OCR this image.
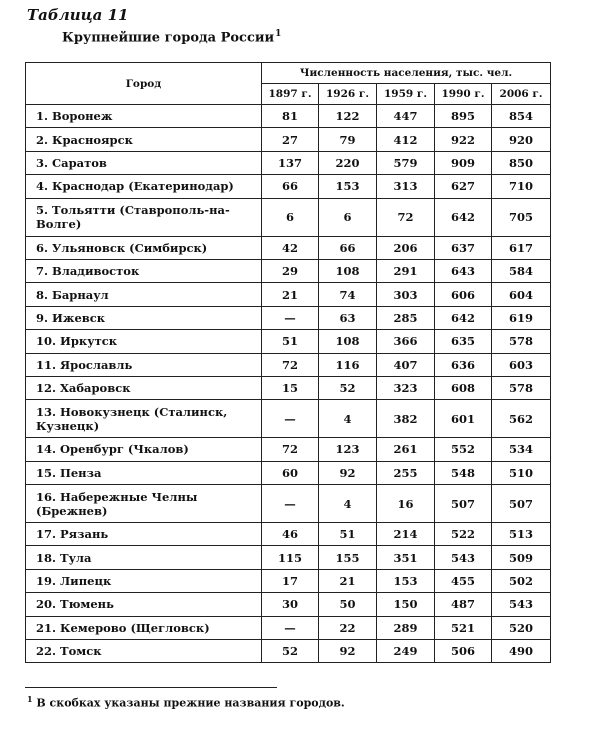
Таблица 11
Крупнейшие города России$^1$
Город	Численность населения, тыс. чел.				
	1897 г.	1926 г.	1959 г.	1990 г.	2006 г.
1. Воронеж	81	122	447	895	854
2. Красноярск	27	79	412	922	920
3. Саратов	137	220	579	909	850
4. Краснодар (Екатеринодар)	66	153	313	627	710
5. Тольятти (Ставрополь-на-Волге)	6	6	72	642	705
6. Ульяновск (Симбирск)	42	66	206	637	617
7. Владивосток	29	108	291	643	584
8. Барнаул	21	74	303	606	604
9. Ижевск	—	63	285	642	619
10. Иркутск	51	108	366	635	578
11. Ярославль	72	116	407	636	603
12. Хабаровск	15	52	323	608	578
13. Новокузнецк (Сталинск, Кузнецк)	—	4	382	601	562
14. Оренбург (Чкалов)	72	123	261	552	534
15. Пенза	60	92	255	548	510
16. Набережные Челны (Брежнев)	—	4	16	507	507
17. Рязань	46	51	214	522	513
18. Тула	115	155	351	543	509
19. Липецк	17	21	153	455	502
20. Тюмень	30	50	150	487	543
21. Кемерово (Щегловск)	—	22	289	521	520
22. Томск	52	92	249	506	490
$^1$ В скобках указаны прежние названия городов.
